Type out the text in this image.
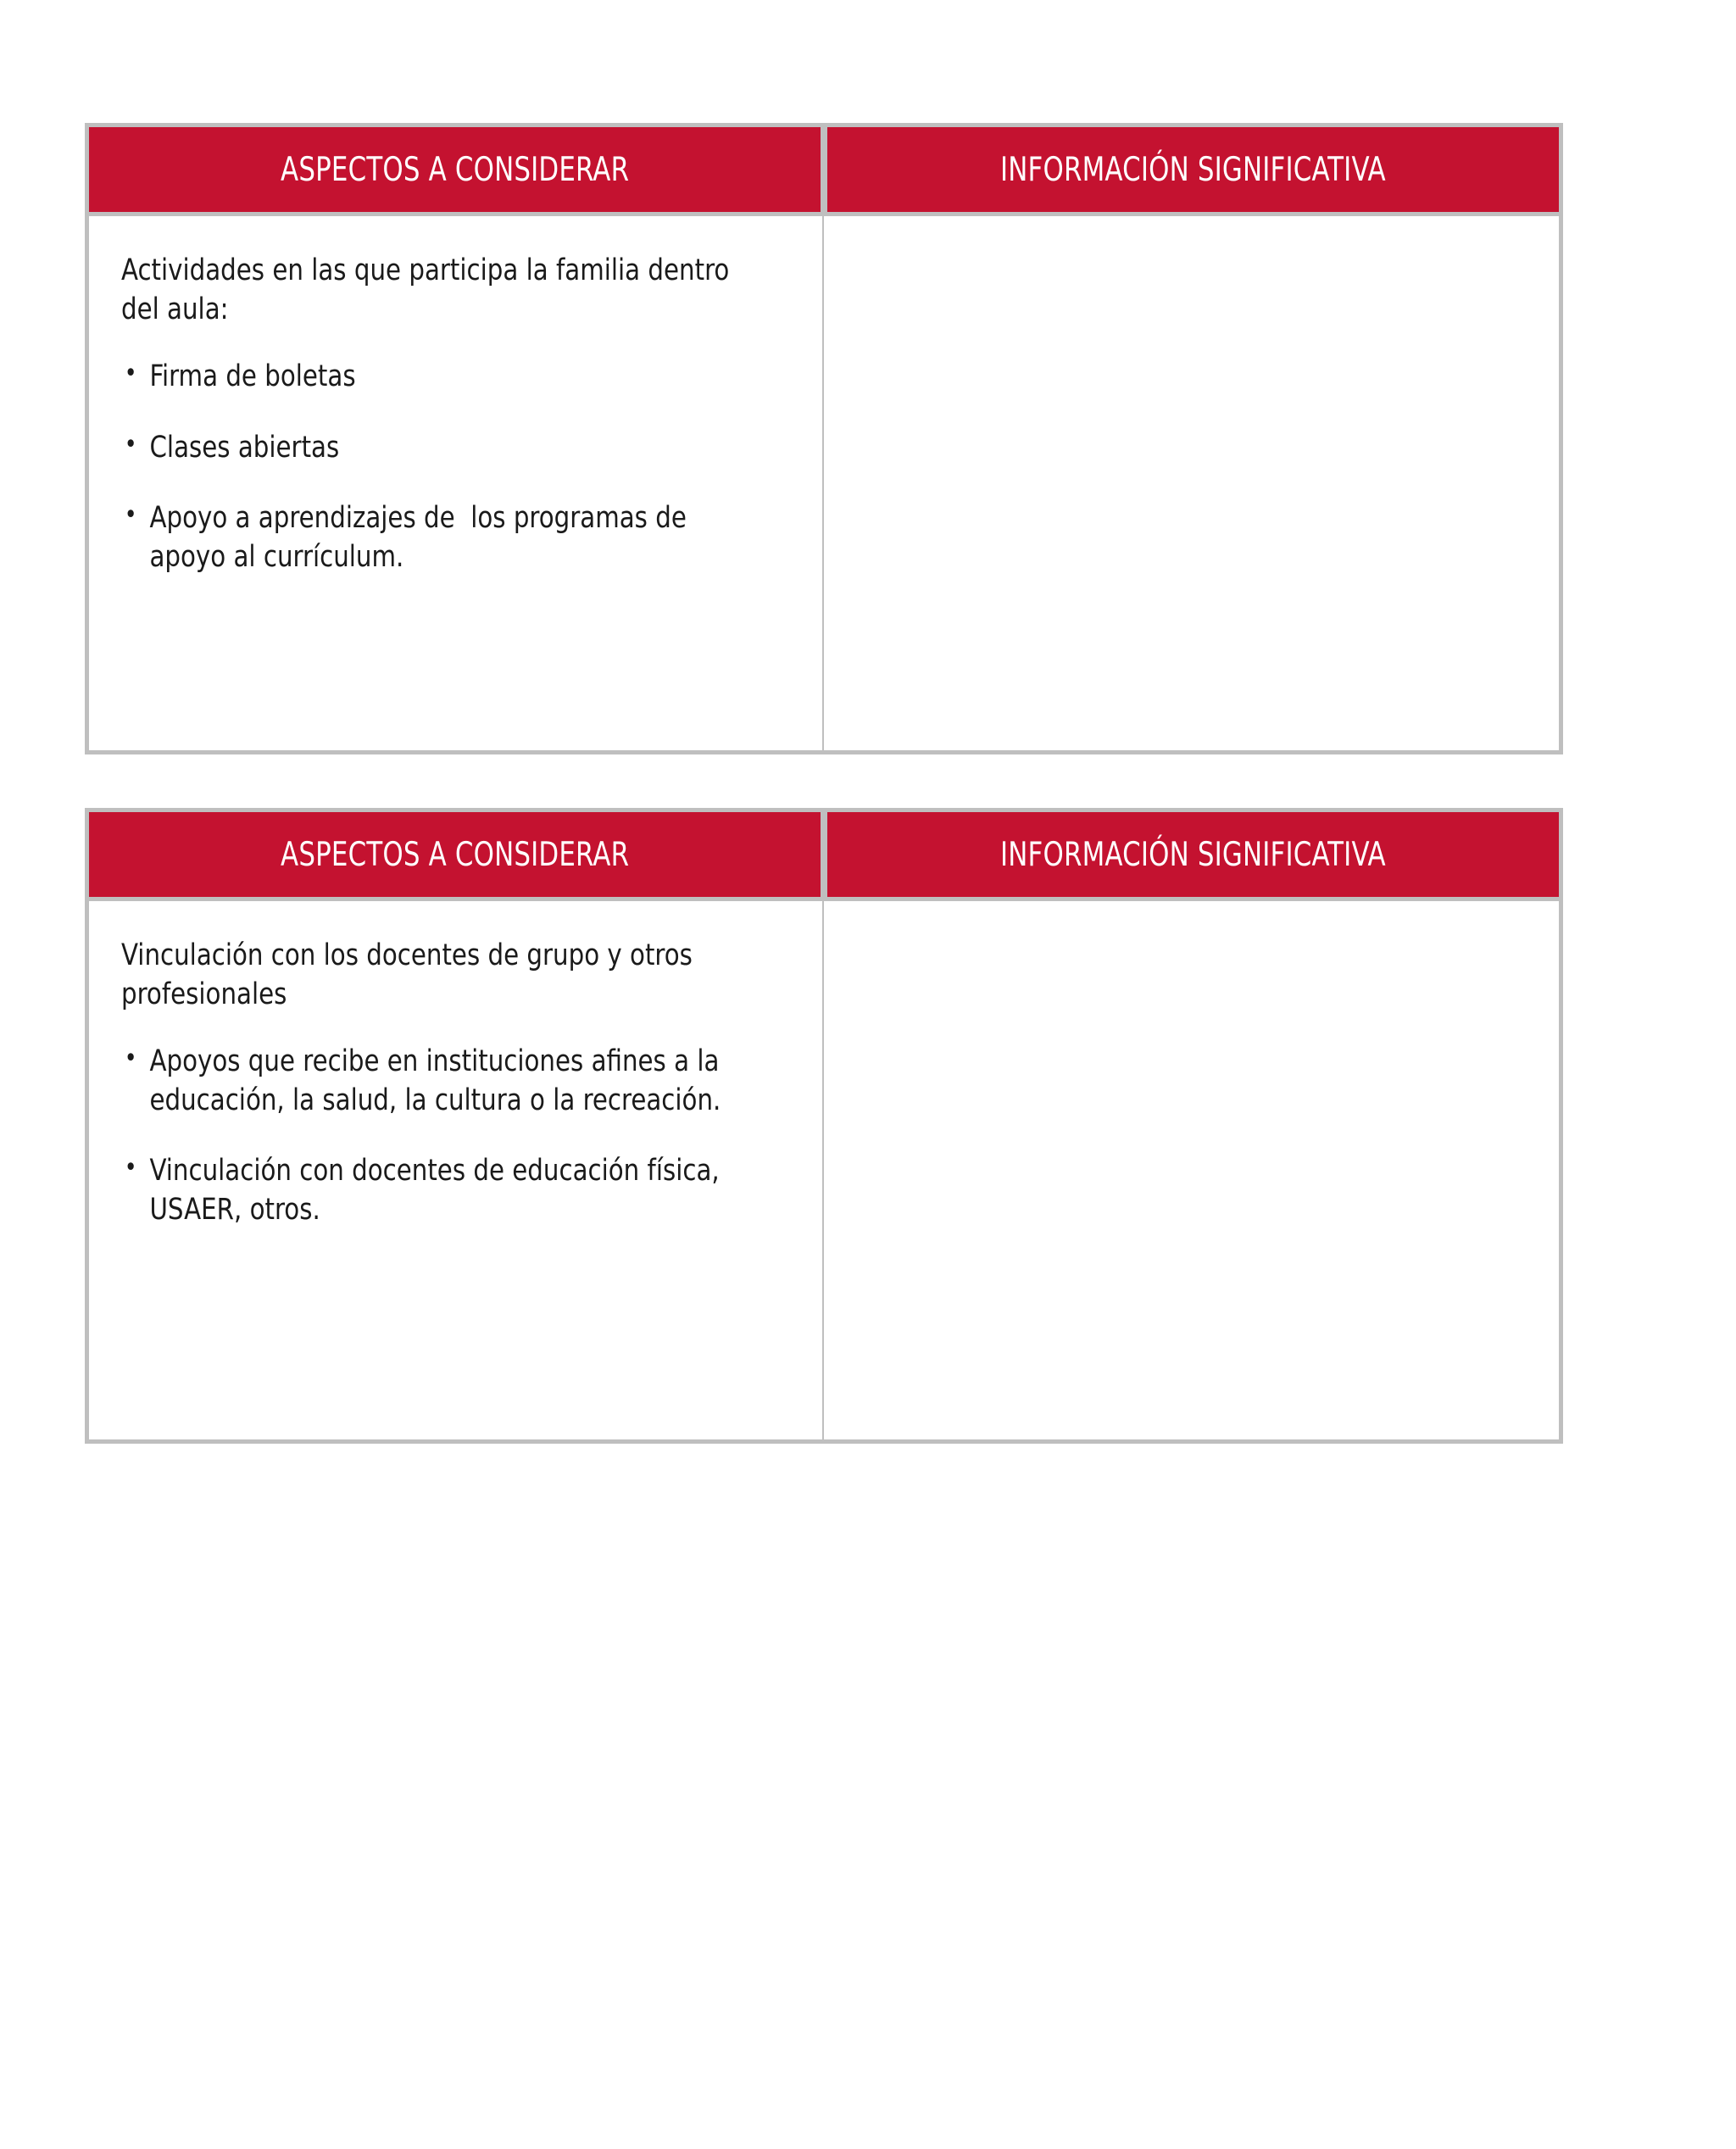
ASPECTOS A CONSIDERAR	INFORMACIÓN SIGNIFICATIVA

Actividades en las que participa la familia dentro del aula:

• Firma de boletas
• Clases abiertas
• Apoyo a aprendizajes de  los programas de apoyo al currículum.
ASPECTOS A CONSIDERAR	INFORMACIÓN SIGNIFICATIVA

Vinculación con los docentes de grupo y otros profesionales

• Apoyos que recibe en instituciones afines a la educación, la salud, la cultura o la recreación.
• Vinculación con docentes de educación física, USAER, otros.
